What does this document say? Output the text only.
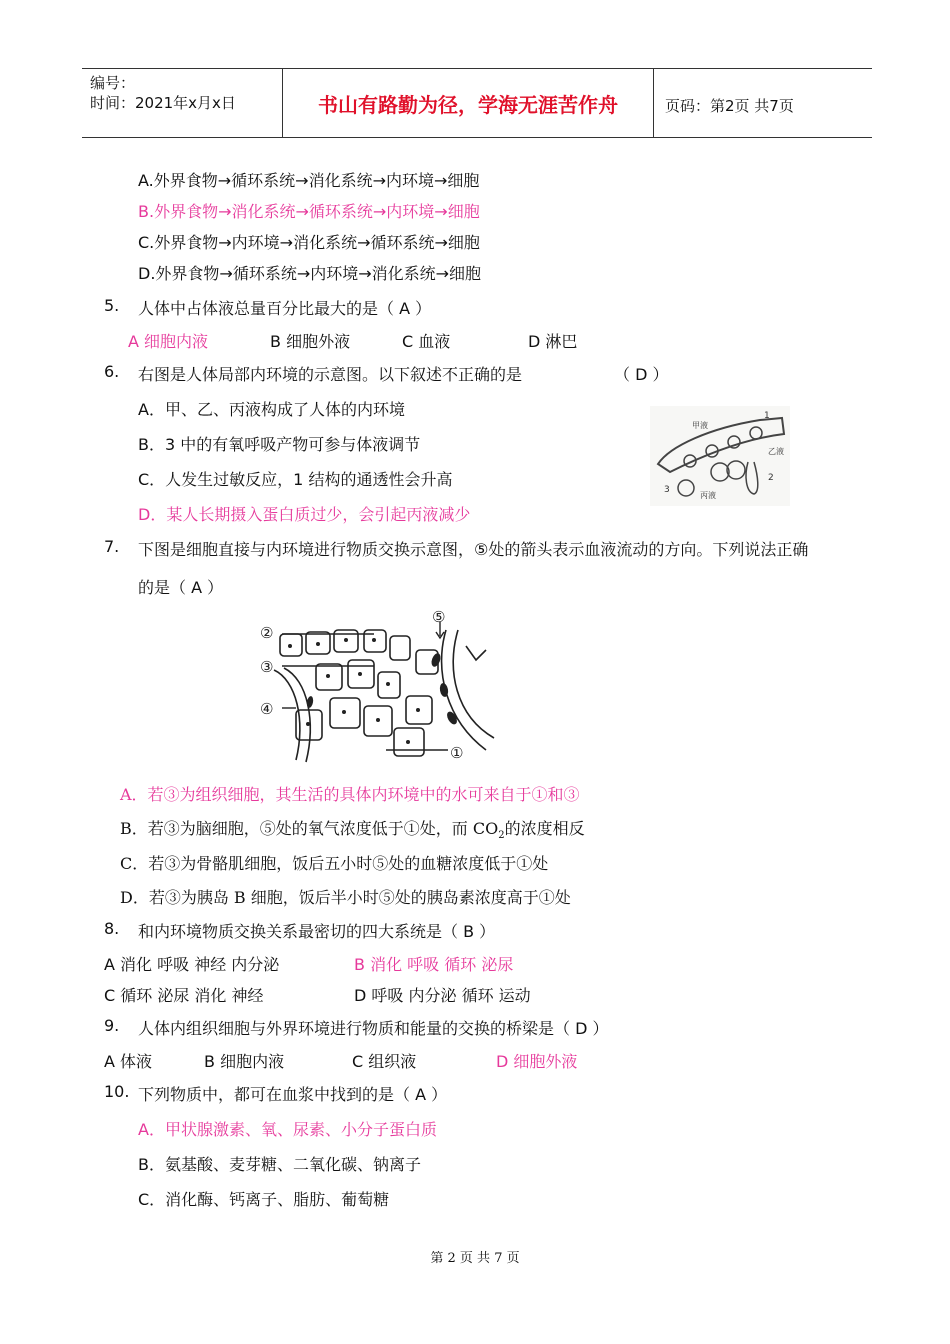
编号：
时间：2021年x月x日	书山有路勤为径，学海无涯苦作舟	页码：第2页 共7页
A.外界食物→循环系统→消化系统→内环境→细胞
B.外界食物→消化系统→循环系统→内环境→细胞
C.外界食物→内环境→消化系统→循环系统→细胞
D.外界食物→循环系统→内环境→消化系统→细胞
5. 人体中占体液总量百分比最大的是（ A ）
A 细胞内液	B 细胞外液	C 血液	D 淋巴
6. 右图是人体局部内环境的示意图。以下叙述不正确的是	（ D ）
A．甲、乙、丙液构成了人体的内环境
B．3 中的有氧呼吸产物可参与体液调节
C．人发生过敏反应，1 结构的通透性会升高
D．某人长期摄入蛋白质过少，会引起丙液减少
甲液
乙液
丙液
1
2
3
7. 下图是细胞直接与内环境进行物质交换示意图，⑤处的箭头表示血液流动的方向。下列说法正确
的是（ A ）
②
③
④
⑤
①
A．若③为组织细胞，其生活的具体内环境中的水可来自于①和③
B．若③为脑细胞，⑤处的氧气浓度低于①处，而 $CO_2$的浓度相反
C．若③为骨骼肌细胞，饭后五小时⑤处的血糖浓度低于①处
D．若③为胰岛 B 细胞，饭后半小时⑤处的胰岛素浓度高于①处
8. 和内环境物质交换关系最密切的四大系统是（ B ）
A 消化 呼吸 神经 内分泌	B 消化 呼吸 循环 泌尿
C 循环 泌尿 消化 神经	D 呼吸 内分泌 循环 运动
9. 人体内组织细胞与外界环境进行物质和能量的交换的桥梁是（ D ）
A 体液	B 细胞内液	C 组织液	D 细胞外液
10. 下列物质中，都可在血浆中找到的是（ A ）
A．甲状腺激素、氧、尿素、小分子蛋白质
B．氨基酸、麦芽糖、二氧化碳、钠离子
C．消化酶、钙离子、脂肪、葡萄糖
第 2 页 共 7 页
